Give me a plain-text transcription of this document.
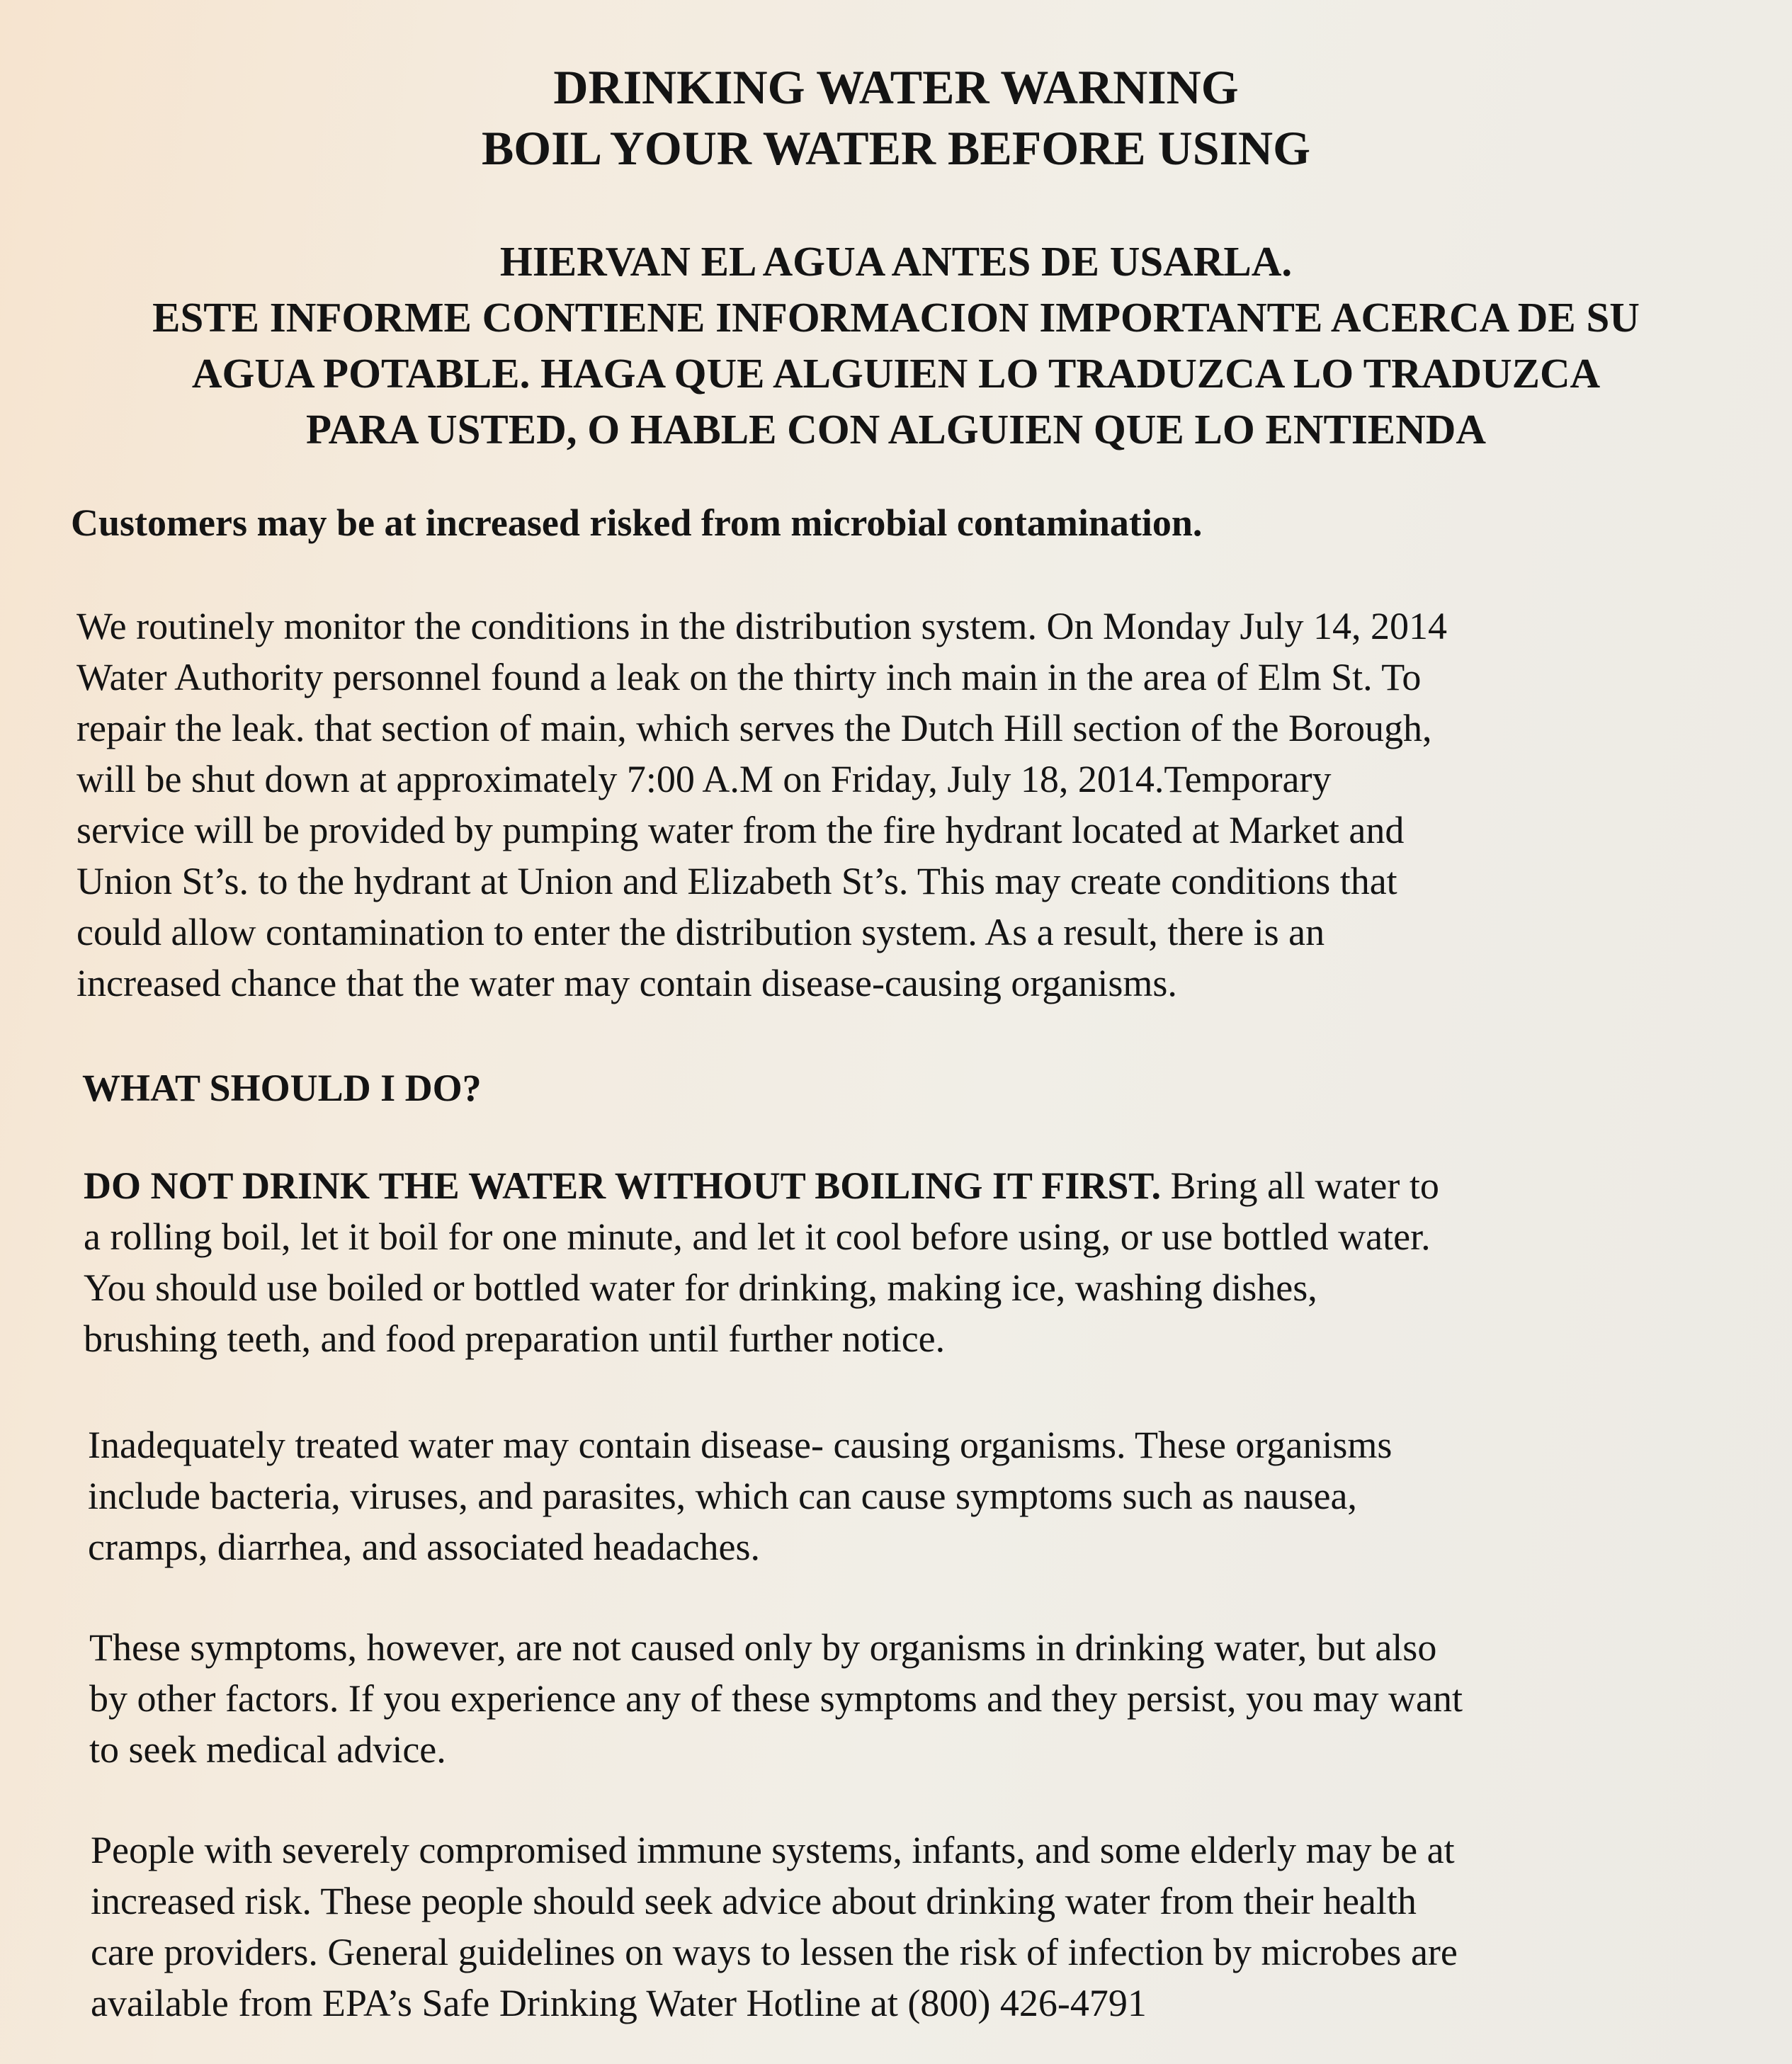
DRINKING WATER WARNING
BOIL YOUR WATER BEFORE USING
HIERVAN EL AGUA ANTES DE USARLA.
ESTE INFORME CONTIENE INFORMACION IMPORTANTE ACERCA DE SU
AGUA POTABLE. HAGA QUE ALGUIEN LO TRADUZCA LO TRADUZCA
PARA USTED, O HABLE CON ALGUIEN QUE LO ENTIENDA

Customers may be at increased risked from microbial contamination.

We routinely monitor the conditions in the distribution system. On Monday July 14, 2014
Water Authority personnel found a leak on the thirty inch main in the area of Elm St. To
repair the leak. that section of main, which serves the Dutch Hill section of the Borough,
will be shut down at approximately 7:00 A.M on Friday, July 18, 2014.Temporary
service will be provided by pumping water from the fire hydrant located at Market and
Union St’s. to the hydrant at Union and Elizabeth St’s. This may create conditions that
could allow contamination to enter the distribution system. As a result, there is an
increased chance that the water may contain disease-causing organisms.

WHAT SHOULD I DO?

DO NOT DRINK THE WATER WITHOUT BOILING IT FIRST. Bring all water to
a rolling boil, let it boil for one minute, and let it cool before using, or use bottled water.
You should use boiled or bottled water for drinking, making ice, washing dishes,
brushing teeth, and food preparation until further notice.

Inadequately treated water may contain disease- causing organisms. These organisms
include bacteria, viruses, and parasites, which can cause symptoms such as nausea,
cramps, diarrhea, and associated headaches.

These symptoms, however, are not caused only by organisms in drinking water, but also
by other factors. If you experience any of these symptoms and they persist, you may want
to seek medical advice.

People with severely compromised immune systems, infants, and some elderly may be at
increased risk. These people should seek advice about drinking water from their health
care providers. General guidelines on ways to lessen the risk of infection by microbes are
available from EPA’s Safe Drinking Water Hotline at (800) 426-4791
